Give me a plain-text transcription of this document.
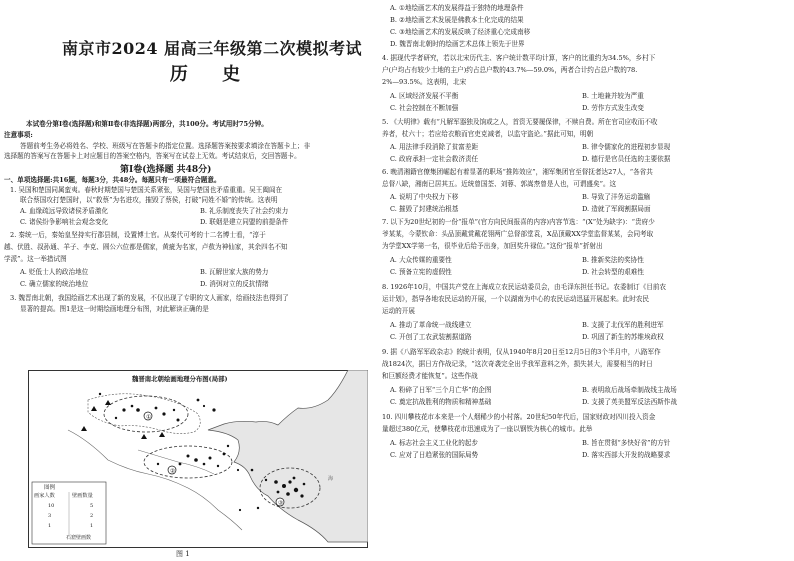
南京市2024 届高三年级第二次模拟考试
历 史
本试卷分第Ⅰ卷(选择题)和第Ⅱ卷(非选择题)两部分，共100分。考试用时75分钟。
注意事项:
答题前考生务必将姓名、学校、班级写在答题卡的指定位置。选择题答案按要求填涂在答题卡上；非
选择题的答案写在答题卡上对应题目的答案空格内，答案写在试卷上无效。考试结束后，交回答题卡。
第Ⅰ卷(选择题 共48分)
一、单项选择题:共16题，每题3分，共48分。每题只有一项最符合题意。
1. 吴国和楚国同属蛮夷。春秋时期楚国与楚国关系紧张，吴国与楚国也矛盾重重。吴王阖闾在
联合蔡国攻打楚国时，以“救蔡”为名进攻，摧毁了蔡侯，打破“同姓不婚”的传统。这表明
A. 血缘疏远导致诸侯矛盾激化	B. 礼乐制度丧失了社会约束力
C. 诸侯纷争影响社会观念变化	D. 联姻是建立同盟的前提条件
2. 秦统一后，秦始皇坚持实行郡县制，设置博士官。从秦代可考的十二名博士看，“淳于
越、伏胜、叔孙通、羊子、李克、圆公六位都是儒家，黄疵为名家，卢敖为神仙家，其余四名不知
学派”。这一举措试图
A. 贬低士人的政治地位	B. 瓦解世家大族的势力
C. 确立儒家的统治地位	D. 消弭对立的反抗情绪
3. 魏晋南北朝，我国绘画艺术出现了新的发展，不仅出现了专职的文人画家，绘画技法也得到了
显著的提高。图1是这一时期绘画地理分布图，对此解读正确的是
①
②
③
海
魏晋南北朝绘画地理分布图(局部)
图例
画家人数	壁画数量
10
3
1
5
2
1
石窟壁画数
图 1
A. ①地绘画艺术的发展得益于独特的地理条件
B. ②地绘画艺术发展是佛教本土化完成的结果
C. ③地绘画艺术的发展反映了经济重心完成南移
D. 魏晋南北朝时的绘画艺术总体上领先于世界
4. 据现代学者研究，若以北宋历代主、客户统计数平均计算，客户的比重约为34.5%，乡村下
户(户均占有较少土地的主户)约占总户数的43.7%—59.0%，两者合计约占总户数的78.
2%—93.5%。这表明，北宋
A. 区域经济发展不平衡	B. 土地兼并较为严重
C. 社会控制在不断加强	D. 劳作方式发生改变
5. 《大明律》载有“凡解军器独及饷或之人，首资无要履保律，不赎自费。所在官司应收而不收
养者，杖六十；若应给衣粮而官吏克减者，以监守盗论。”据此可知，明朝
A. 用法律手段消除了贫富差距	B. 律令儒家化的进程初步显现
C. 政府承担一定社会救济责任	D. 德行是官员任选的主要依据
6. 晚清湘籍官僚集团崛起有着显著的职场“推阵效应”，湘军集团官至督抚者达27人，“各省共
总督八缺，湘南已居其五。近统曾国荃、刘蓉、郭嵩焘曾是人也，可谓盛矣”。这
A. 说明了中央权力下移	B. 导致了洋务运动滥觞
C. 摧毁了封建统治根基	D. 造就了军阀割据局面
7. 以下为20世纪初的一份“报单”(官方向民间报喜的内容)内容节选：“(X”处为缺字)：“贵府少
爷某某，今蒙钦命：头品顶戴赏戴花翎两广总督部堂袁，X品顶戴XX学堂监督某某，会同考取
为学堂XX学第一名，很毕业后给予出身，加回奖升禄位。”这份“报单”折射出
A. 大众传媒的重要性	B. 推新奖法的奖协性
C. 预备立宪的虚假性	D. 社会转型的艰难性
8. 1926年10月，中国共产党在上海成立农民运动委员会，由毛泽东担任书记。农委制订《目前农
运计划》，指导各地农民运动的开展，一个以湖南为中心的农民运动迅猛开展起来。此时农民
运动的开展
A. 推动了革命统一战线建立	B. 支援了北伐军的胜利进军
C. 开创了工农武装割据道路	D. 巩固了新生的苏维埃政权
9. 据《八路军军政杂志》的统计表明，仅从1940年8月20日至12月5日的3个半月中，八路军作
战1824次，据日方作战记录，“这次奇袭完全出乎我军意料之外，损失甚大，需要相当的时日
和巨额经费才能恢复”。这些作战
A. 粉碎了日军“三个月亡华”的企图	B. 表明敌后战场牵制战线主战场
C. 奠定抗战胜利的物质和精神基础	D. 支援了英美盟军反法西斯作战
10. 四川攀枝花市本来是一个人烟稀少的小村落。20世纪50年代后，国家财政对四川投入资金
量超过380亿元，使攀枝花市迅速成为了一座以钢铁为核心的城市。此举
A. 标志社会主义工业化的起步	B. 旨在贯彻“多快好省”的方针
C. 应对了日趋紧张的国际局势	D. 落实西部大开发的战略要求
